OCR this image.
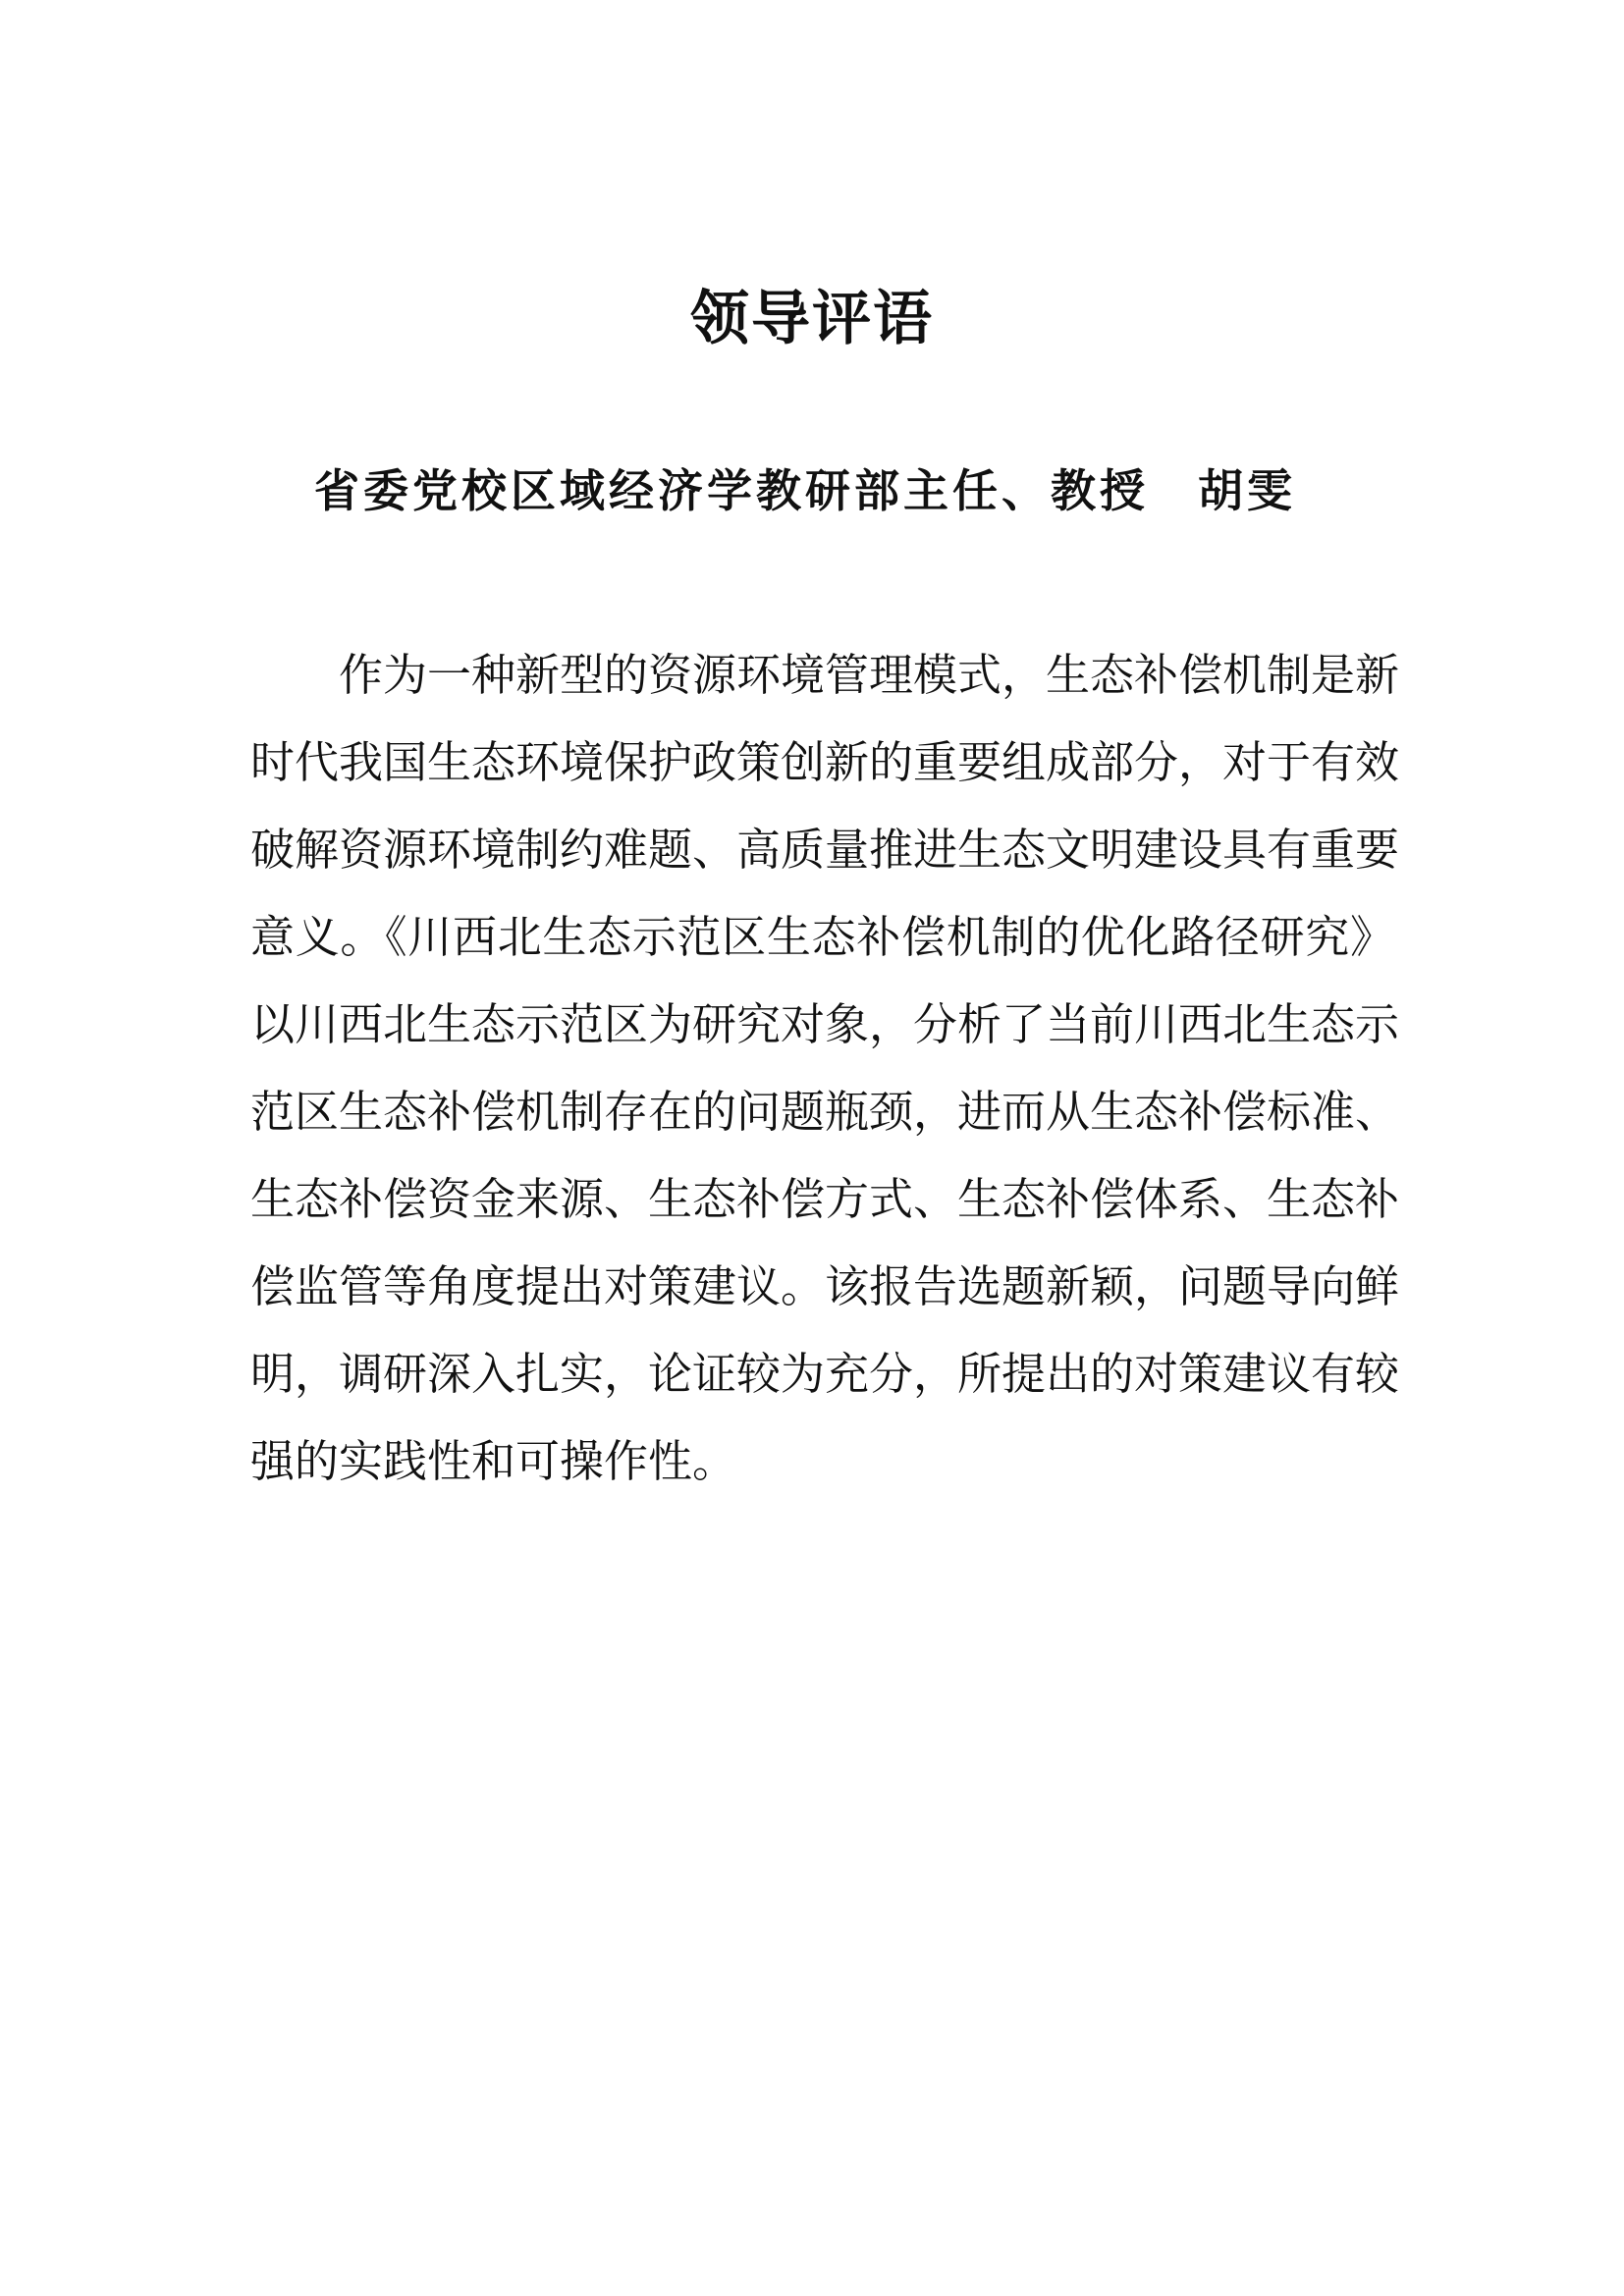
领导评语

省委党校区域经济学教研部主任、教授 胡雯

作为一种新型的资源环境管理模式，生态补偿机制是新
时代我国生态环境保护政策创新的重要组成部分，对于有效
破解资源环境制约难题、高质量推进生态文明建设具有重要
意义。《川西北生态示范区生态补偿机制的优化路径研究》
以川西北生态示范区为研究对象，分析了当前川西北生态示
范区生态补偿机制存在的问题瓶颈，进而从生态补偿标准、
生态补偿资金来源、生态补偿方式、生态补偿体系、生态补
偿监管等角度提出对策建议。该报告选题新颖，问题导向鲜
明，调研深入扎实，论证较为充分，所提出的对策建议有较
强的实践性和可操作性。
